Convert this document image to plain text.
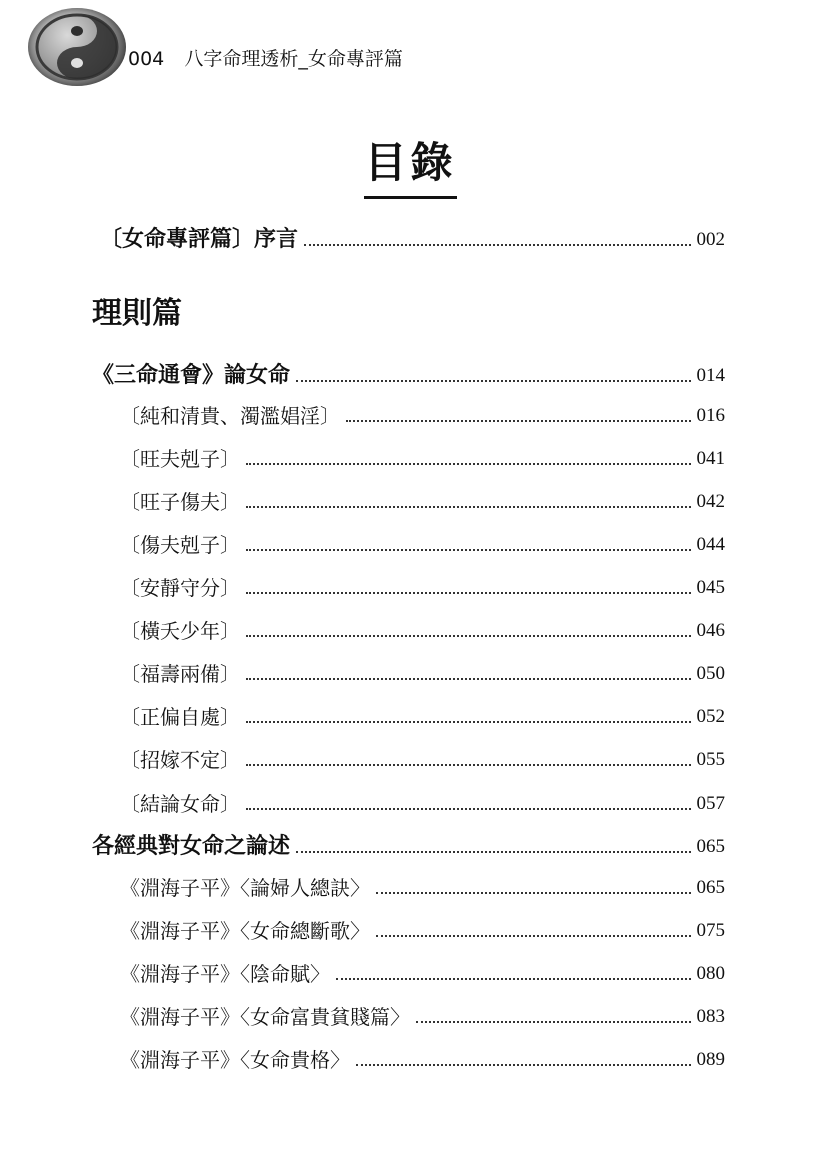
004 八字命理透析_女命專評篇
目錄
理則篇
〔女命專評篇〕序言	002
《三命通會》論女命	014
〔純和清貴、濁濫娼淫〕	016
〔旺夫剋子〕	041
〔旺子傷夫〕	042
〔傷夫剋子〕	044
〔安靜守分〕	045
〔橫夭少年〕	046
〔福壽兩備〕	050
〔正偏自處〕	052
〔招嫁不定〕	055
〔結論女命〕	057
各經典對女命之論述	065
《淵海子平》〈論婦人總訣〉	065
《淵海子平》〈女命總斷歌〉	075
《淵海子平》〈陰命賦〉	080
《淵海子平》〈女命富貴貧賤篇〉	083
《淵海子平》〈女命貴格〉	089
